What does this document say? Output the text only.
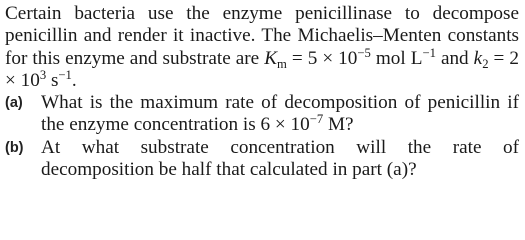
Certain bacteria use the enzyme penicillinase to decompose penicillin and render it inactive. The Michaelis–Menten constants for this enzyme and substrate are $K_m = 5 \times 10^{-5}$ mol $L^{-1}$ and $k_2 = 2 \times 10^3$ $s^{-1}$.

(a) What is the maximum rate of decomposition of penicillin if the enzyme concentration is $6 \times 10^{-7}$ M?
(b) At what substrate concentration will the rate of decomposition be half that calculated in part (a)?
